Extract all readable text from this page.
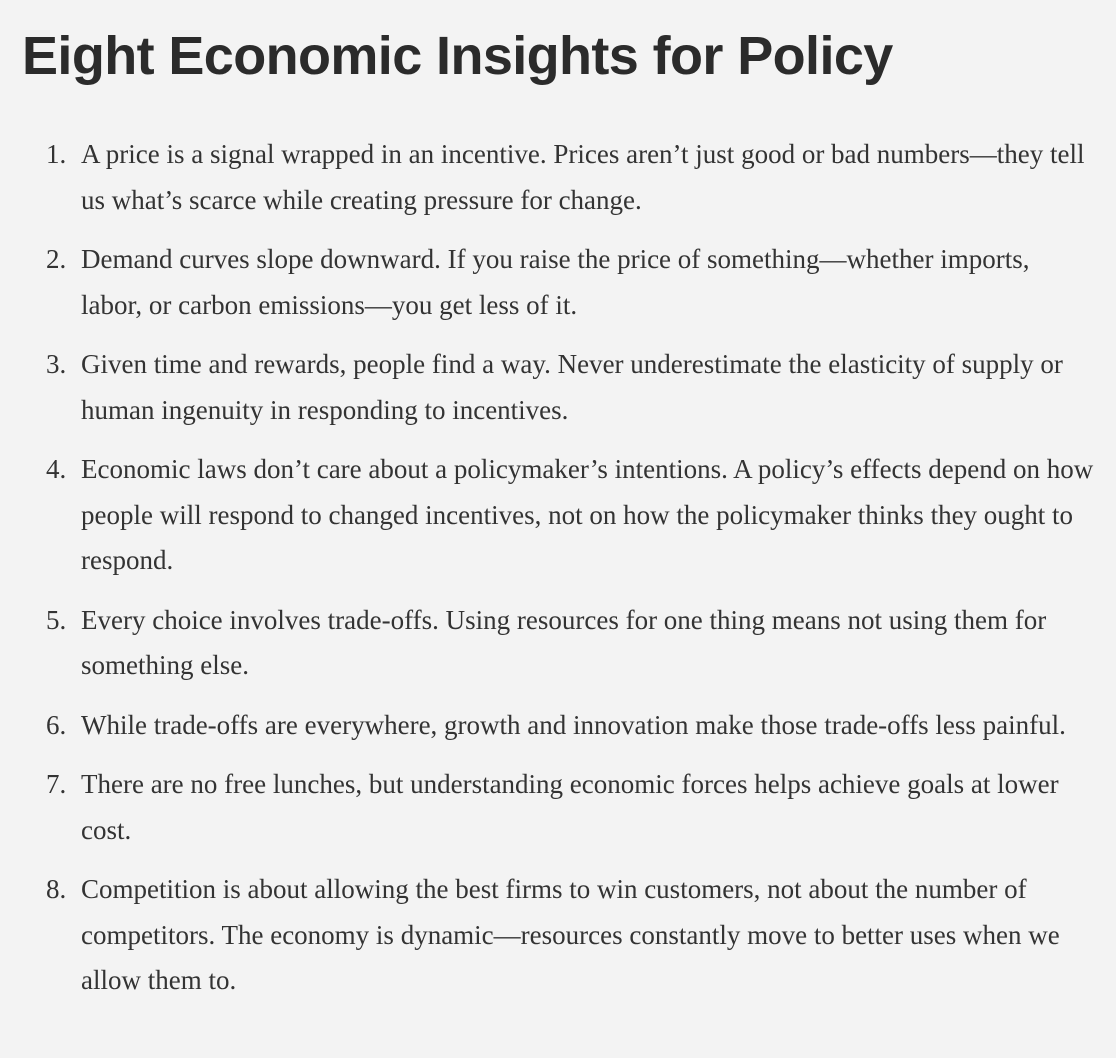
Eight Economic Insights for Policy
1. A price is a signal wrapped in an incentive. Prices aren’t just good or bad numbers—they tell us what’s scarce while creating pressure for change.
2. Demand curves slope downward. If you raise the price of something—whether imports, labor, or carbon emissions—you get less of it.
3. Given time and rewards, people find a way. Never underestimate the elasticity of supply or human ingenuity in responding to incentives.
4. Economic laws don’t care about a policymaker’s intentions. A policy’s effects depend on how people will respond to changed incentives, not on how the policymaker thinks they ought to respond.
5. Every choice involves trade-offs. Using resources for one thing means not using them for something else.
6. While trade-offs are everywhere, growth and innovation make those trade-offs less painful.
7. There are no free lunches, but understanding economic forces helps achieve goals at lower cost.
8. Competition is about allowing the best firms to win customers, not about the number of competitors. The economy is dynamic—resources constantly move to better uses when we allow them to.
